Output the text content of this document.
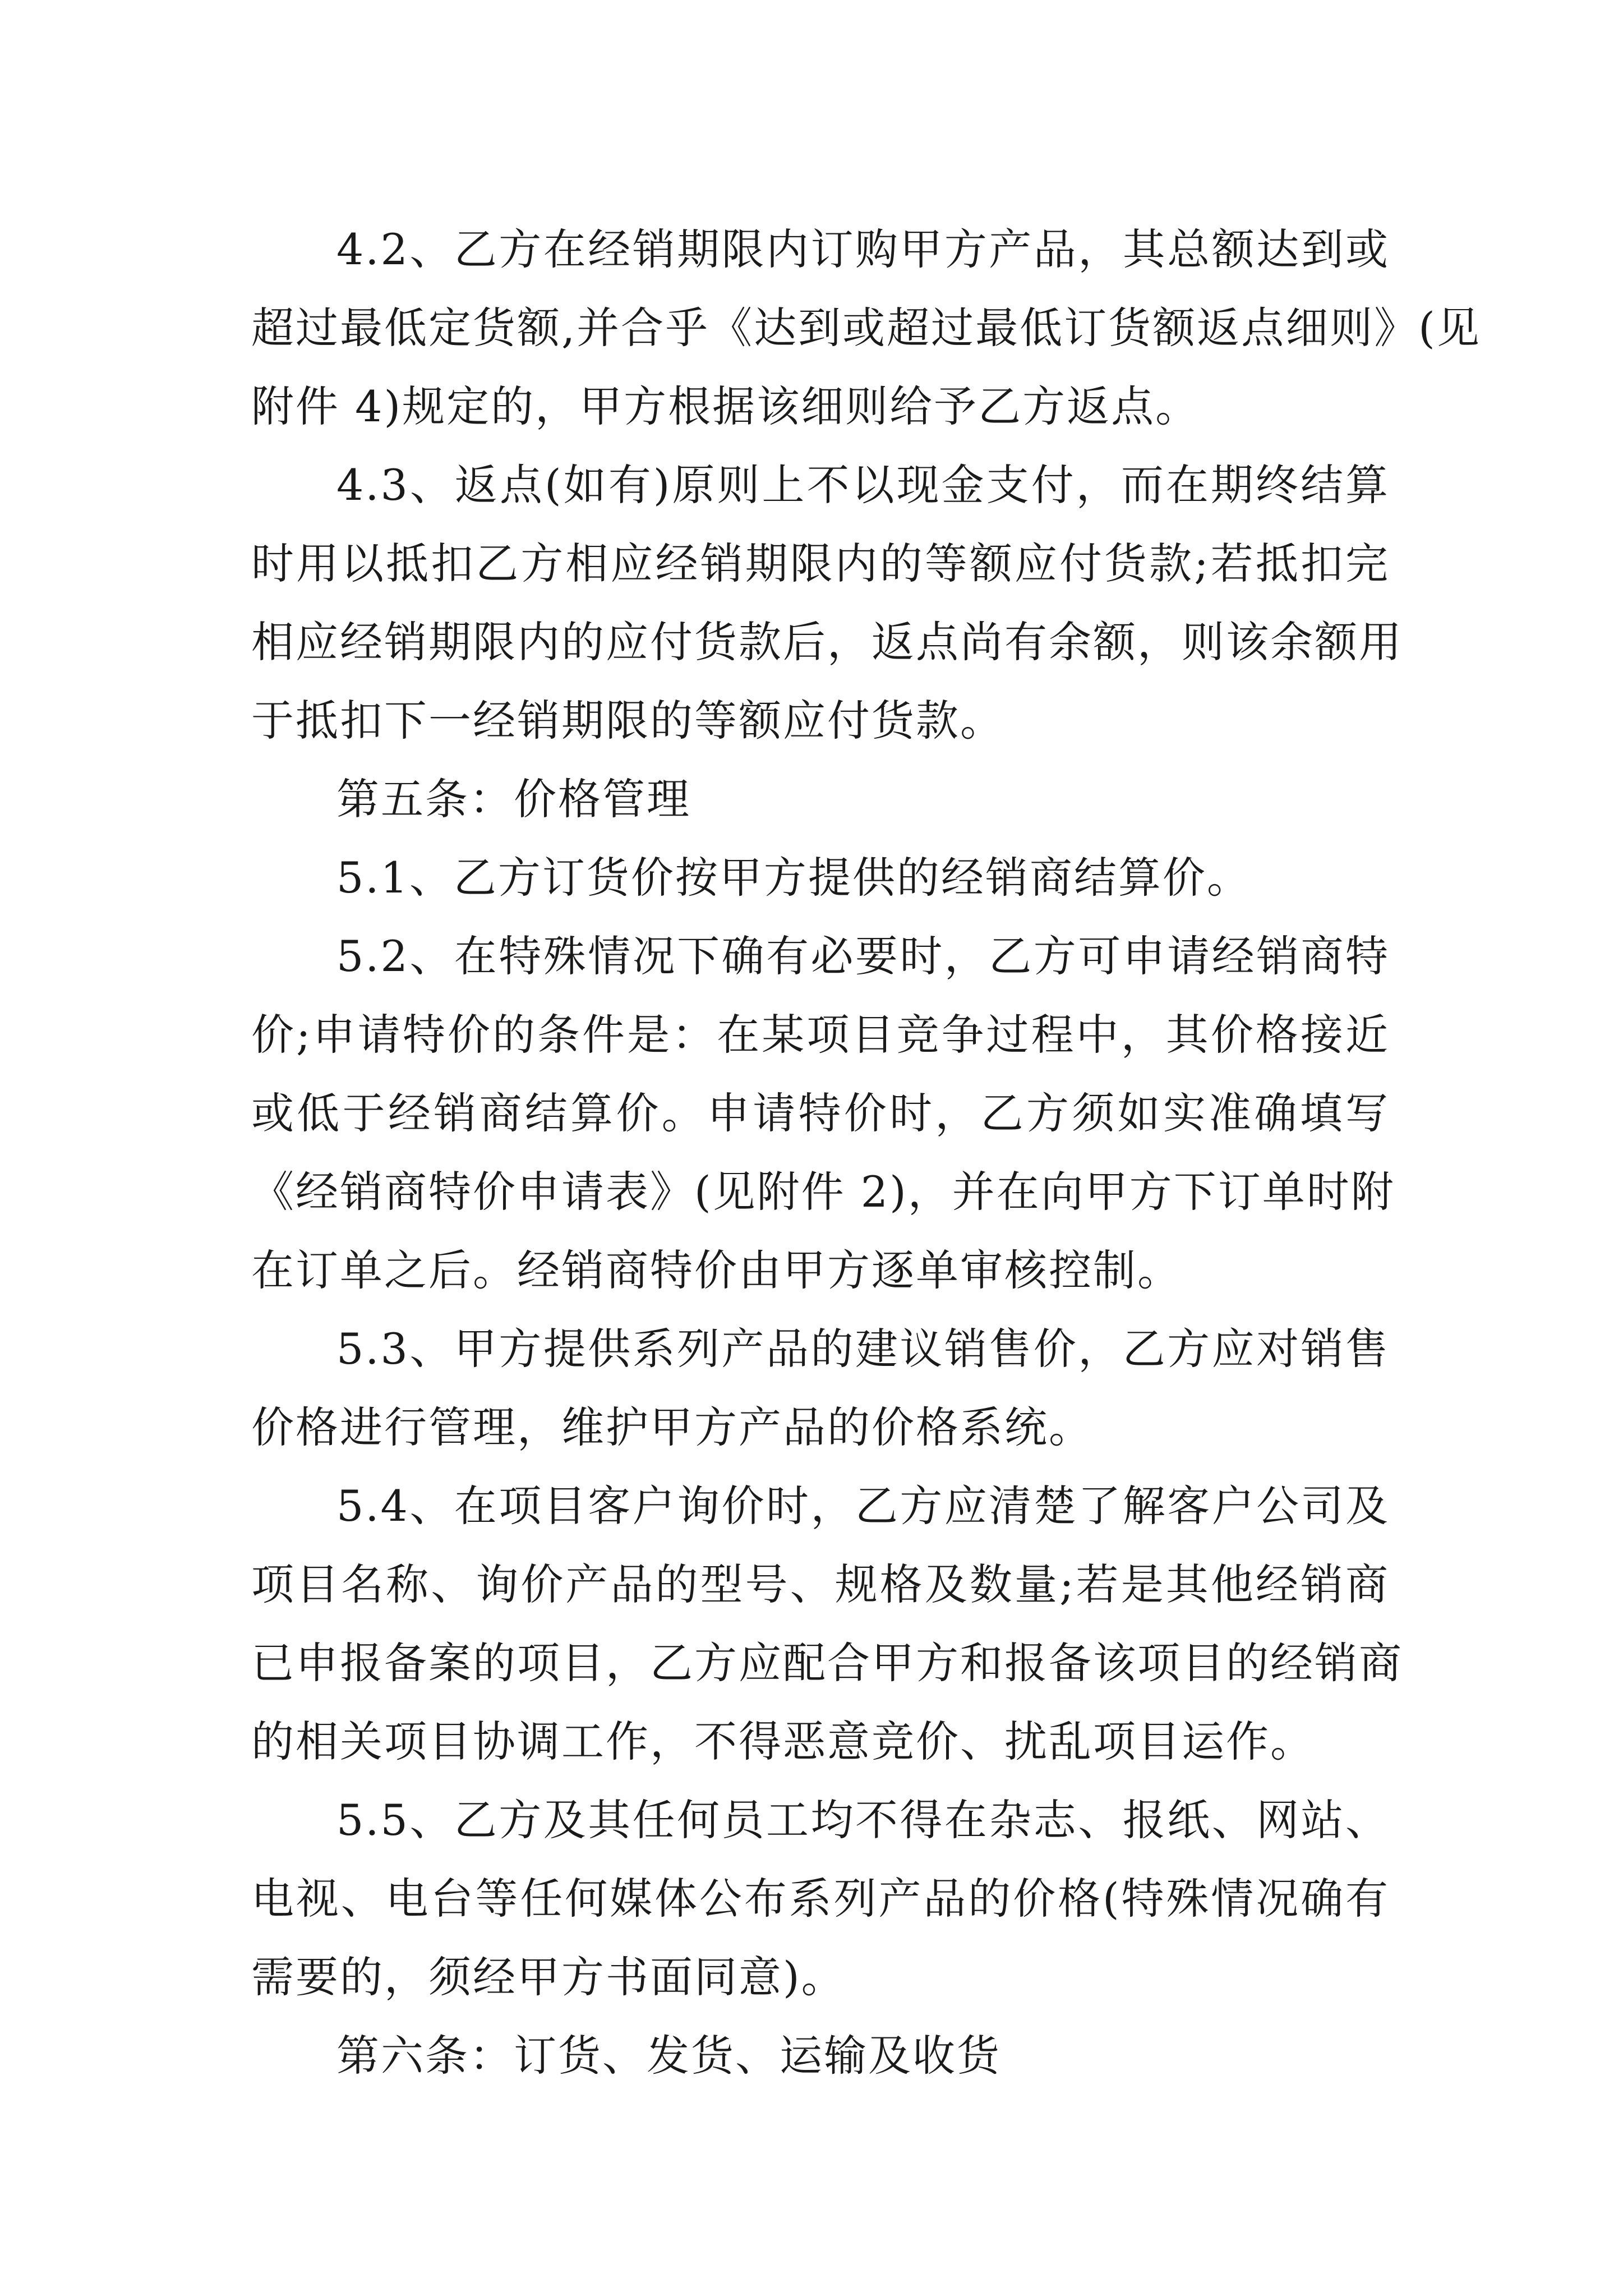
4.2、乙方在经销期限内订购甲方产品，其总额达到或
超过最低定货额,并合乎《达到或超过最低订货额返点细则》(见
附件 4)规定的，甲方根据该细则给予乙方返点。
4.3、返点(如有)原则上不以现金支付，而在期终结算
时用以抵扣乙方相应经销期限内的等额应付货款;若抵扣完
相应经销期限内的应付货款后，返点尚有余额，则该余额用
于抵扣下一经销期限的等额应付货款。
第五条：价格管理
5.1、乙方订货价按甲方提供的经销商结算价。
5.2、在特殊情况下确有必要时，乙方可申请经销商特
价;申请特价的条件是：在某项目竞争过程中，其价格接近
或低于经销商结算价。申请特价时，乙方须如实准确填写
《经销商特价申请表》(见附件 2)，并在向甲方下订单时附
在订单之后。经销商特价由甲方逐单审核控制。
5.3、甲方提供系列产品的建议销售价，乙方应对销售
价格进行管理，维护甲方产品的价格系统。
5.4、在项目客户询价时，乙方应清楚了解客户公司及
项目名称、询价产品的型号、规格及数量;若是其他经销商
已申报备案的项目，乙方应配合甲方和报备该项目的经销商
的相关项目协调工作，不得恶意竞价、扰乱项目运作。
5.5、乙方及其任何员工均不得在杂志、报纸、网站、
电视、电台等任何媒体公布系列产品的价格(特殊情况确有
需要的，须经甲方书面同意)。
第六条：订货、发货、运输及收货
